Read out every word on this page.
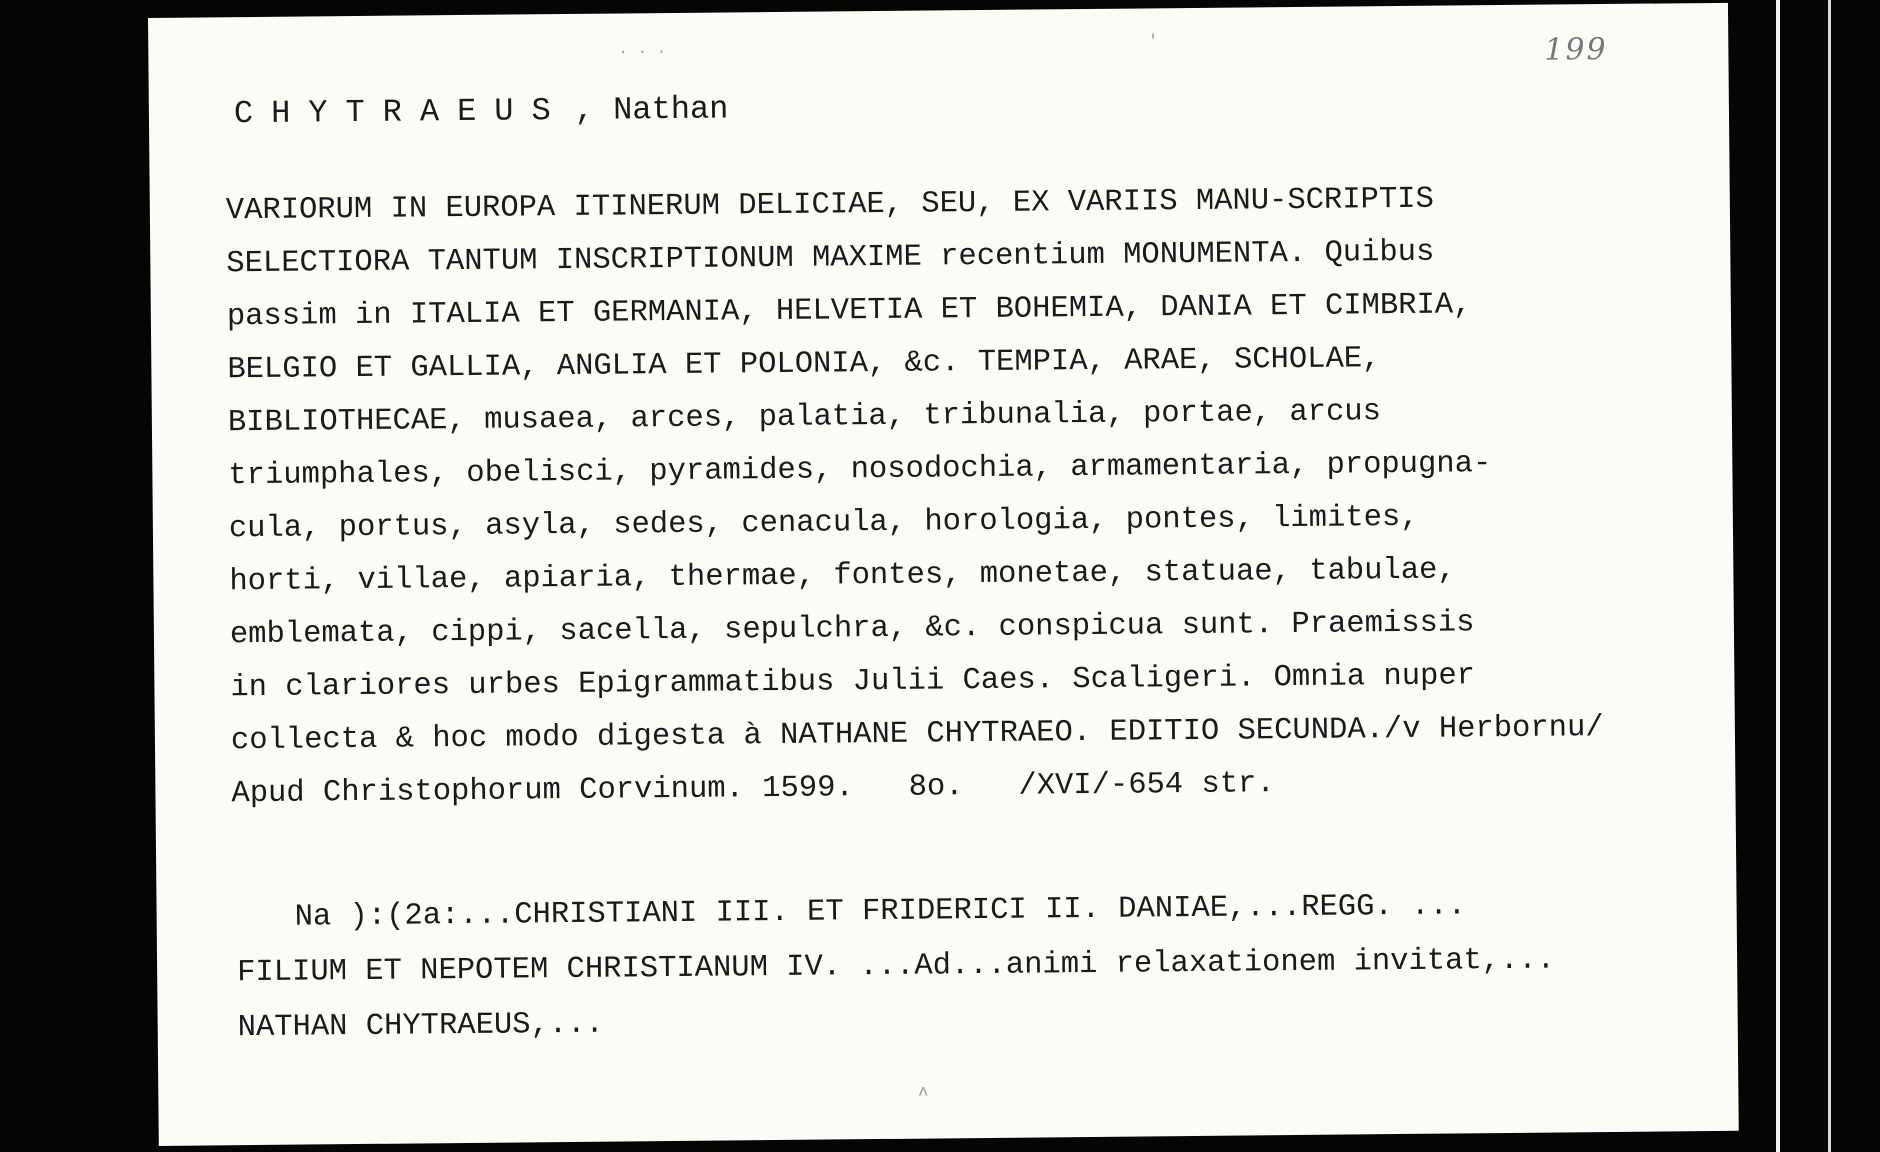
199
· · ·
'
CHYTRAEUS , Nathan
VARIORUM IN EUROPA ITINERUM DELICIAE, SEU, EX VARIIS MANU-SCRIPTIS
SELECTIORA TANTUM INSCRIPTIONUM MAXIME recentium MONUMENTA. Quibus
passim in ITALIA ET GERMANIA, HELVETIA ET BOHEMIA, DANIA ET CIMBRIA,
BELGIO ET GALLIA, ANGLIA ET POLONIA, &c. TEMPIA, ARAE, SCHOLAE,
BIBLIOTHECAE, musaea, arces, palatia, tribunalia, portae, arcus
triumphales, obelisci, pyramides, nosodochia, armamentaria, propugna-
cula, portus, asyla, sedes, cenacula, horologia, pontes, limites,
horti, villae, apiaria, thermae, fontes, monetae, statuae, tabulae,
emblemata, cippi, sacella, sepulchra, &c. conspicua sunt. Praemissis
in clariores urbes Epigrammatibus Julii Caes. Scaligeri. Omnia nuper
collecta & hoc modo digesta à NATHANE CHYTRAEO. EDITIO SECUNDA./v Herbornu/
Apud Christophorum Corvinum. 1599.   8o.   /XVI/-654 str.
Na ):(2a:...CHRISTIANI III. ET FRIDERICI II. DANIAE,...REGG. ...
FILIUM ET NEPOTEM CHRISTIANUM IV. ...Ad...animi relaxationem invitat,...
NATHAN CHYTRAEUS,...
ʌ
